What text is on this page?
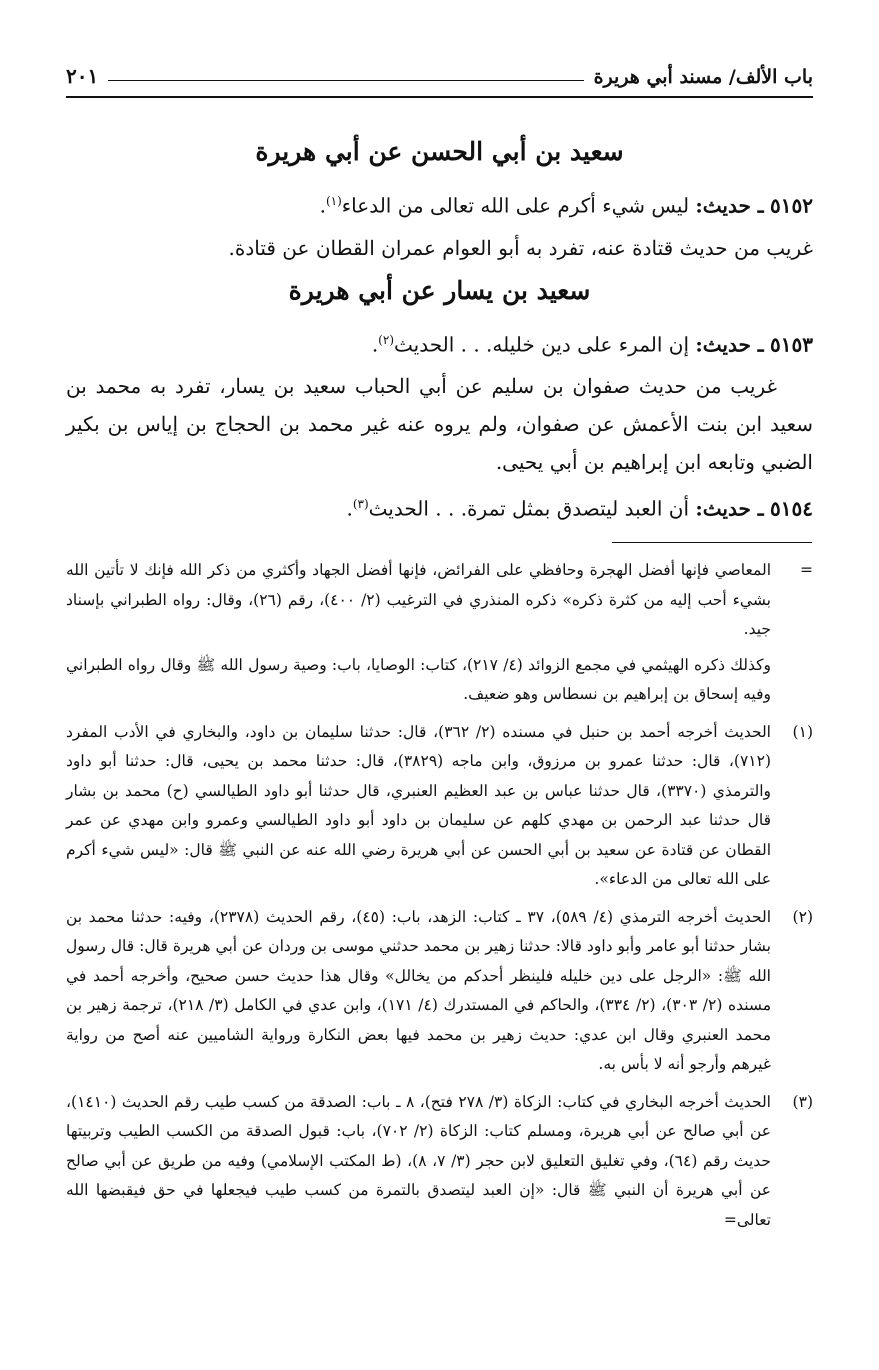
باب الألف/ مسند أبي هريرة
٢٠١
سعيد بن أبي الحسن عن أبي هريرة

٥١٥٢ ـ حديث: ليس شيء أكرم على الله تعالى من الدعاء$^{(١)}$.

غريب من حديث قتادة عنه، تفرد به أبو العوام عمران القطان عن قتادة.

سعيد بن يسار عن أبي هريرة

٥١٥٣ ـ حديث: إن المرء على دين خليله. . . الحديث$^{(٢)}$.

غريب من حديث صفوان بن سليم عن أبي الحباب سعيد بن يسار، تفرد به محمد بن سعيد ابن بنت الأعمش عن صفوان، ولم يروه عنه غير محمد بن الحجاج بن إياس بن بكير الضبي وتابعه ابن إبراهيم بن أبي يحيى.

٥١٥٤ ـ حديث: أن العبد ليتصدق بمثل تمرة. . . الحديث$^{(٣)}$.

=

المعاصي فإنها أفضل الهجرة وحافظي على الفرائض، فإنها أفضل الجهاد وأكثري من ذكر الله فإنك لا تأتين الله بشيء أحب إليه من كثرة ذكره» ذكره المنذري في الترغيب (٢/ ٤٠٠)، رقم (٢٦)، وقال: رواه الطبراني بإسناد جيد.

وكذلك ذكره الهيثمي في مجمع الزوائد (٤/ ٢١٧)، كتاب: الوصايا، باب: وصية رسول الله ﷺ وقال رواه الطبراني وفيه إسحاق بن إبراهيم بن نسطاس وهو ضعيف.

(١)
الحديث أخرجه أحمد بن حنبل في مسنده (٢/ ٣٦٢)، قال: حدثنا سليمان بن داود، والبخاري في الأدب المفرد (٧١٢)، قال: حدثنا عمرو بن مرزوق، وابن ماجه (٣٨٢٩)، قال: حدثنا محمد بن يحيى، قال: حدثنا أبو داود والترمذي (٣٣٧٠)، قال حدثنا عباس بن عبد العظيم العنبري، قال حدثنا أبو داود الطيالسي (ح) محمد بن بشار قال حدثنا عبد الرحمن بن مهدي كلهم عن سليمان بن داود أبو داود الطيالسي وعمرو وابن مهدي عن عمر القطان عن قتادة عن سعيد بن أبي الحسن عن أبي هريرة رضي الله عنه عن النبي ﷺ قال: «ليس شيء أكرم على الله تعالى من الدعاء».
(٢)
الحديث أخرجه الترمذي (٤/ ٥٨٩)، ٣٧ ـ كتاب: الزهد، باب: (٤٥)، رقم الحديث (٢٣٧٨)، وفيه: حدثنا محمد بن بشار حدثنا أبو عامر وأبو داود قالا: حدثنا زهير بن محمد حدثني موسى بن وردان عن أبي هريرة قال: قال رسول الله ﷺ: «الرجل على دين خليله فلينظر أحدكم من يخالل» وقال هذا حديث حسن صحيح، وأخرجه أحمد في مسنده (٢/ ٣٠٣)، (٢/ ٣٣٤)، والحاكم في المستدرك (٤/ ١٧١)، وابن عدي في الكامل (٣/ ٢١٨)، ترجمة زهير بن محمد العنبري وقال ابن عدي: حديث زهير بن محمد فيها بعض النكارة ورواية الشاميين عنه أصح من رواية غيرهم وأرجو أنه لا بأس به.
(٣)
الحديث أخرجه البخاري في كتاب: الزكاة (٣/ ٢٧٨ فتح)، ٨ ـ باب: الصدقة من كسب طيب رقم الحديث (١٤١٠)، عن أبي صالح عن أبي هريرة، ومسلم كتاب: الزكاة (٢/ ٧٠٢)، باب: قبول الصدقة من الكسب الطيب وتربيتها حديث رقم (٦٤)، وفي تغليق التعليق لابن حجر (٣/ ٧، ٨)، (ط المكتب الإسلامي) وفيه من طريق عن أبي صالح عن أبي هريرة أن النبي ﷺ قال: «إن العبد ليتصدق بالتمرة من كسب طيب فيجعلها في حق فيقبضها الله تعالى=
